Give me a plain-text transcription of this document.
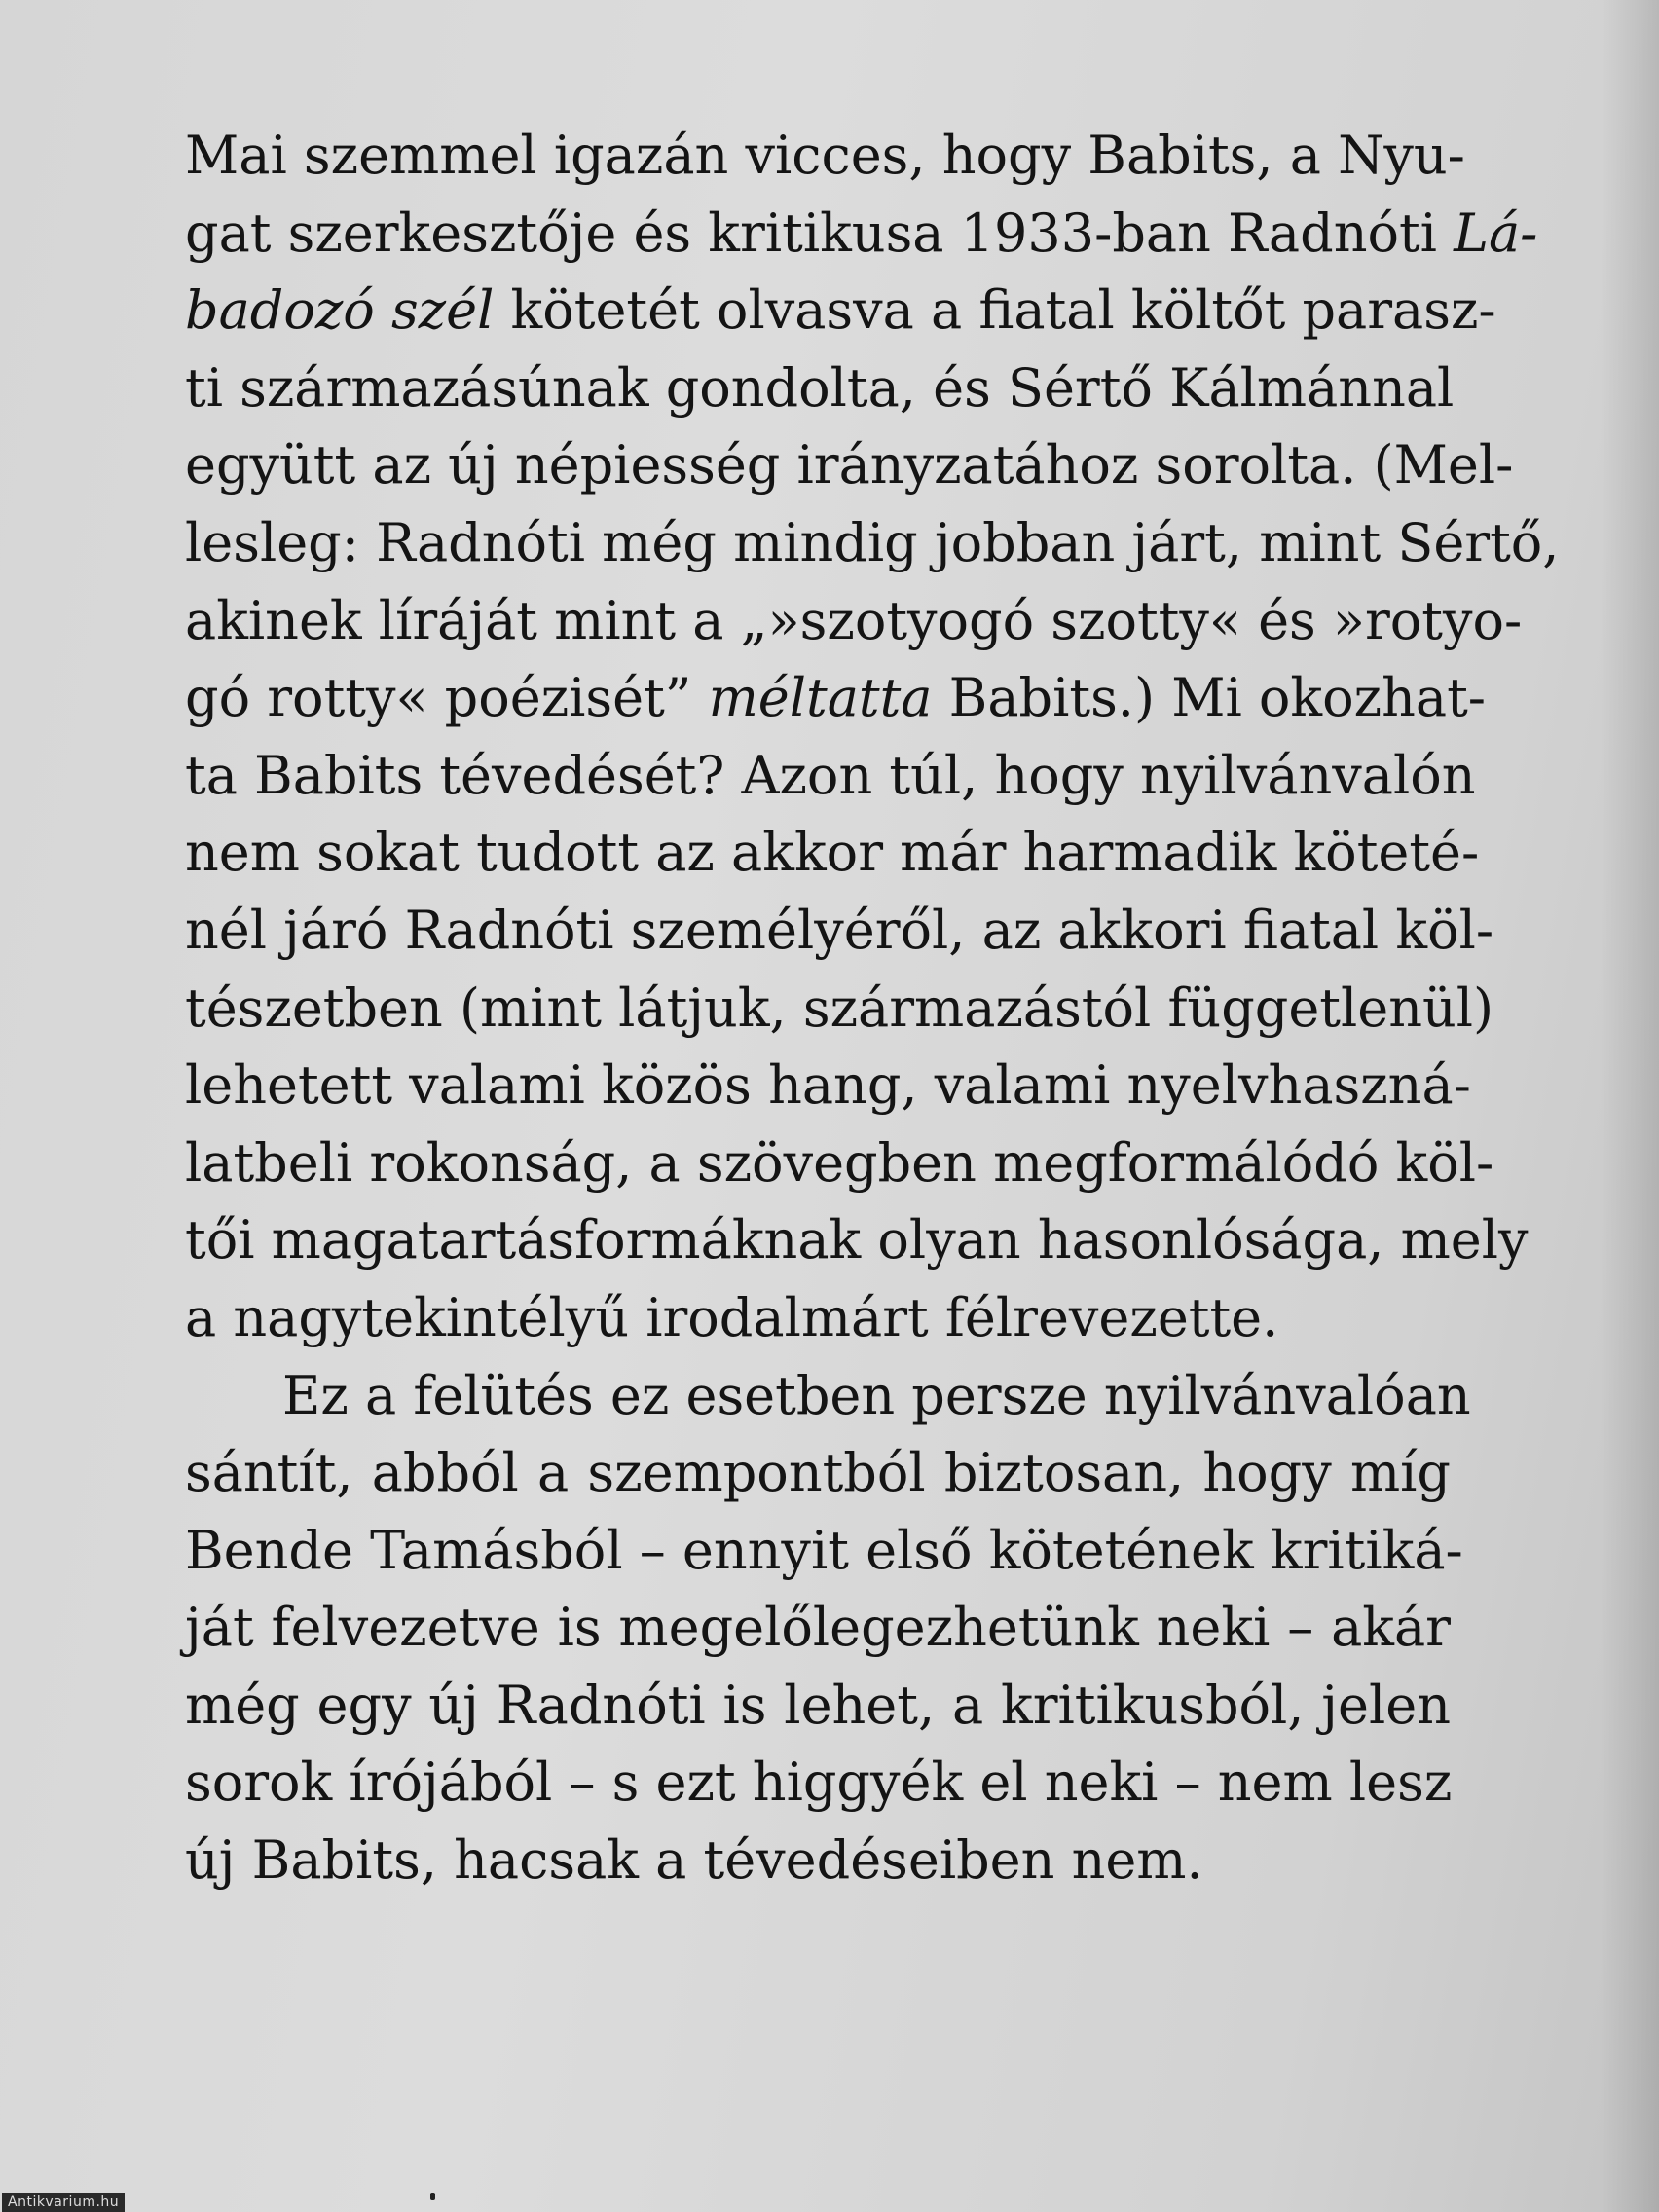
Mai szemmel igazán vicces, hogy Babits, a Nyu-
gat szerkesztője és kritikusa 1933-ban Radnóti Lá-
badozó szél kötetét olvasva a fiatal költőt parasz-
ti származásúnak gondolta, és Sértő Kálmánnal
együtt az új népiesség irányzatához sorolta. (Mel-
lesleg: Radnóti még mindig jobban járt, mint Sértő,
akinek líráját mint a „»szotyogó szotty« és »rotyo-
gó rotty« poézisét” méltatta Babits.) Mi okozhat-
ta Babits tévedését? Azon túl, hogy nyilvánvalón
nem sokat tudott az akkor már harmadik köteté-
nél járó Radnóti személyéről, az akkori fiatal köl-
tészetben (mint látjuk, származástól függetlenül)
lehetett valami közös hang, valami nyelvhaszná-
latbeli rokonság, a szövegben megformálódó köl-
tői magatartásformáknak olyan hasonlósága, mely
a nagytekintélyű irodalmárt félrevezette.
Ez a felütés ez esetben persze nyilvánvalóan
sántít, abból a szempontból biztosan, hogy míg
Bende Tamásból – ennyit első kötetének kritiká-
ját felvezetve is megelőlegezhetünk neki – akár
még egy új Radnóti is lehet, a kritikusból, jelen
sorok írójából – s ezt higgyék el neki – nem lesz
új Babits, hacsak a tévedéseiben nem.
Antikvarium.hu
